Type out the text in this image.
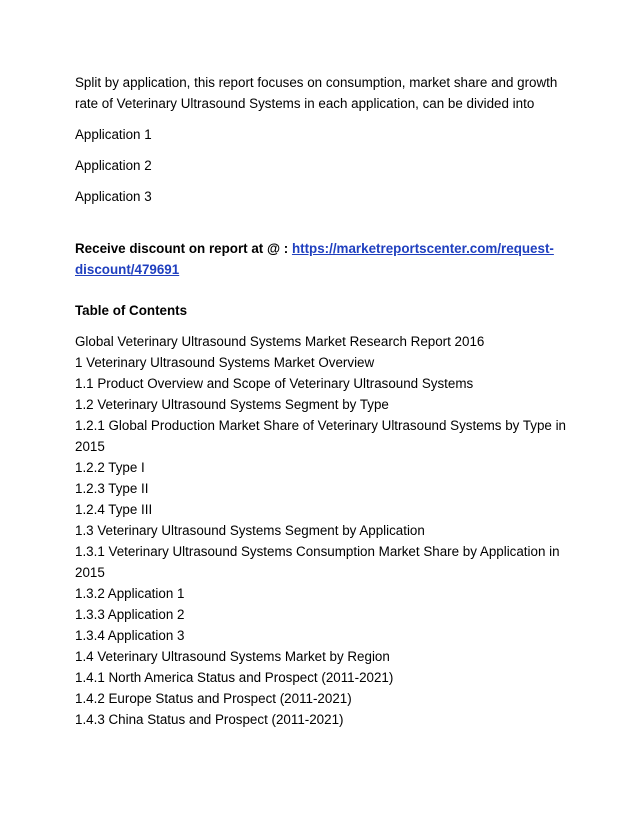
Split by application, this report focuses on consumption, market share and growth rate of Veterinary Ultrasound Systems in each application, can be divided into

Application 1

Application 2

Application 3

Receive discount on report at @ : https://marketreportscenter.com/request-discount/479691

Table of Contents

Global Veterinary Ultrasound Systems Market Research Report 2016
1 Veterinary Ultrasound Systems Market Overview
1.1 Product Overview and Scope of Veterinary Ultrasound Systems
1.2 Veterinary Ultrasound Systems Segment by Type
1.2.1 Global Production Market Share of Veterinary Ultrasound Systems by Type in 2015
1.2.2 Type I
1.2.3 Type II
1.2.4 Type III
1.3 Veterinary Ultrasound Systems Segment by Application
1.3.1 Veterinary Ultrasound Systems Consumption Market Share by Application in 2015
1.3.2 Application 1
1.3.3 Application 2
1.3.4 Application 3
1.4 Veterinary Ultrasound Systems Market by Region
1.4.1 North America Status and Prospect (2011-2021)
1.4.2 Europe Status and Prospect (2011-2021)
1.4.3 China Status and Prospect (2011-2021)
